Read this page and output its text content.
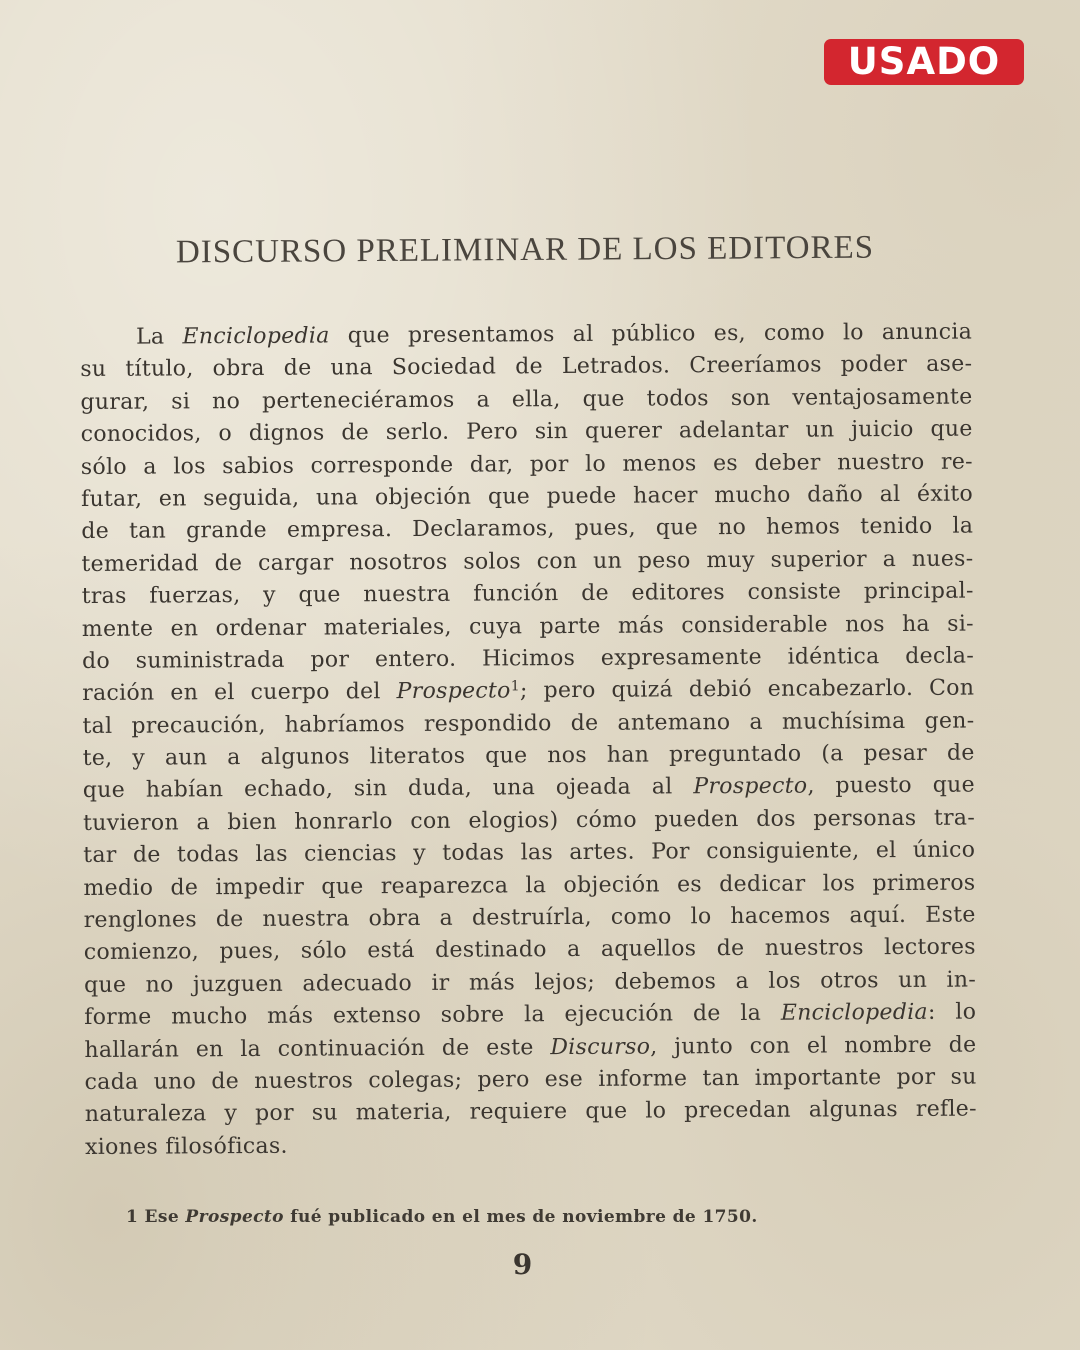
USADO
DISCURSO PRELIMINAR DE LOS EDITORES
La Enciclopedia que presentamos al público es, como lo anuncia
su título, obra de una Sociedad de Letrados. Creeríamos poder ase-
gurar, si no perteneciéramos a ella, que todos son ventajosamente
conocidos, o dignos de serlo. Pero sin querer adelantar un juicio que
sólo a los sabios corresponde dar, por lo menos es deber nuestro re-
futar, en seguida, una objeción que puede hacer mucho daño al éxito
de tan grande empresa. Declaramos, pues, que no hemos tenido la
temeridad de cargar nosotros solos con un peso muy superior a nues-
tras fuerzas, y que nuestra función de editores consiste principal-
mente en ordenar materiales, cuya parte más considerable nos ha si-
do suministrada por entero. Hicimos expresamente idéntica decla-
ración en el cuerpo del Prospecto$^1$; pero quizá debió encabezarlo. Con
tal precaución, habríamos respondido de antemano a muchísima gen-
te, y aun a algunos literatos que nos han preguntado (a pesar de
que habían echado, sin duda, una ojeada al Prospecto, puesto que
tuvieron a bien honrarlo con elogios) cómo pueden dos personas tra-
tar de todas las ciencias y todas las artes. Por consiguiente, el único
medio de impedir que reaparezca la objeción es dedicar los primeros
renglones de nuestra obra a destruírla, como lo hacemos aquí. Este
comienzo, pues, sólo está destinado a aquellos de nuestros lectores
que no juzguen adecuado ir más lejos; debemos a los otros un in-
forme mucho más extenso sobre la ejecución de la Enciclopedia: lo
hallarán en la continuación de este Discurso, junto con el nombre de
cada uno de nuestros colegas; pero ese informe tan importante por su
naturaleza y por su materia, requiere que lo precedan algunas refle-
xiones filosóficas.
1 Ese Prospecto fué publicado en el mes de noviembre de 1750.
9
